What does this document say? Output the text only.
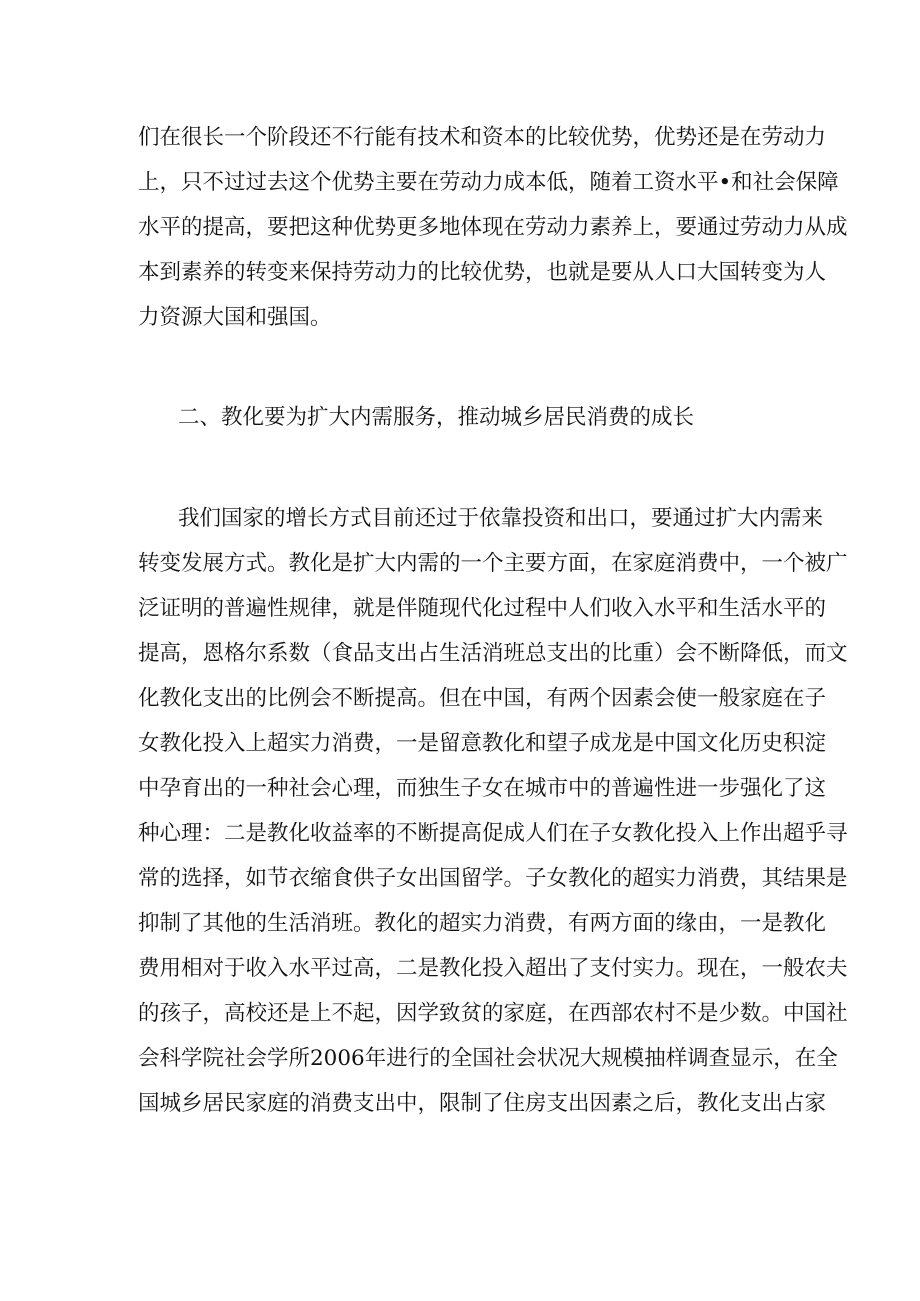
们在很长一个阶段还不行能有技术和资本的比较优势，优势还是在劳动力
上，只不过过去这个优势主要在劳动力成本低，随着工资水平•和社会保障
水平的提高，要把这种优势更多地体现在劳动力素养上，要通过劳动力从成
本到素养的转变来保持劳动力的比较优势，也就是要从人口大国转变为人
力资源大国和强国。
二、教化要为扩大内需服务，推动城乡居民消费的成长
我们国家的增长方式目前还过于依靠投资和出口，要通过扩大内需来
转变发展方式。教化是扩大内需的一个主要方面，在家庭消费中，一个被广
泛证明的普遍性规律，就是伴随现代化过程中人们收入水平和生活水平的
提高，恩格尔系数（食品支出占生活消班总支出的比重）会不断降低，而文
化教化支出的比例会不断提高。但在中国，有两个因素会使一般家庭在子
女教化投入上超实力消费，一是留意教化和望子成龙是中国文化历史积淀
中孕育出的一种社会心理，而独生子女在城市中的普遍性进一步强化了这
种心理：二是教化收益率的不断提高促成人们在子女教化投入上作出超乎寻
常的选择，如节衣缩食供子女出国留学。子女教化的超实力消费，其结果是
抑制了其他的生活消班。教化的超实力消费，有两方面的缘由，一是教化
费用相对于收入水平过高，二是教化投入超出了支付实力。现在，一般农夫
的孩子，高校还是上不起，因学致贫的家庭，在西部农村不是少数。中国社
会科学院社会学所2006年进行的全国社会状况大规模抽样调查显示，在全
国城乡居民家庭的消费支出中，限制了住房支出因素之后，教化支出占家
